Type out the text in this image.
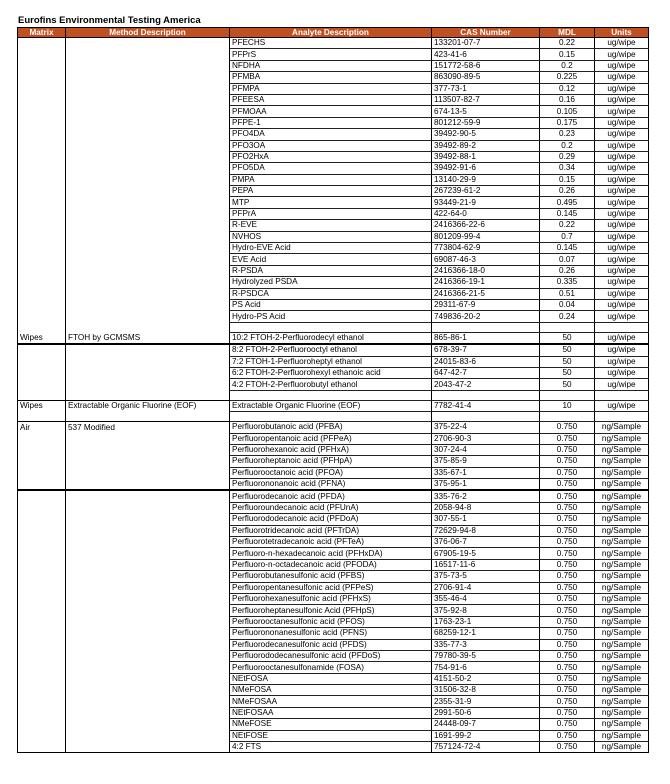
Eurofins Environmental Testing America
Matrix	Method Description	Analyte Description	CAS Number	MDL	Units
		PFECHS	133201-07-7	0.22	ug/wipe
		PFPrS	423-41-6	0.15	ug/wipe
		NFDHA	151772-58-6	0.2	ug/wipe
		PFMBA	863090-89-5	0.225	ug/wipe
		PFMPA	377-73-1	0.12	ug/wipe
		PFEESA	113507-82-7	0.16	ug/wipe
		PFMOAA	674-13-5	0.105	ug/wipe
		PFPE-1	801212-59-9	0.175	ug/wipe
		PFO4DA	39492-90-5	0.23	ug/wipe
		PFO3OA	39492-89-2	0.2	ug/wipe
		PFO2HxA	39492-88-1	0.29	ug/wipe
		PFO5DA	39492-91-6	0.34	ug/wipe
		PMPA	13140-29-9	0.15	ug/wipe
		PEPA	267239-61-2	0.26	ug/wipe
		MTP	93449-21-9	0.495	ug/wipe
		PFPrA	422-64-0	0.145	ug/wipe
		R-EVE	2416366-22-6	0.22	ug/wipe
		NVHOS	801209-99-4	0.7	ug/wipe
		Hydro-EVE Acid	773804-62-9	0.145	ug/wipe
		EVE Acid	69087-46-3	0.07	ug/wipe
		R-PSDA	2416366-18-0	0.26	ug/wipe
		Hydrolyzed PSDA	2416366-19-1	0.335	ug/wipe
		R-PSDCA	2416366-21-5	0.51	ug/wipe
		PS Acid	29311-67-9	0.04	ug/wipe
		Hydro-PS Acid	749836-20-2	0.24	ug/wipe

Wipes	FTOH by GCMSMS	10:2 FTOH-2-Perfluorodecyl ethanol	865-86-1	50	ug/wipe
		8:2 FTOH-2-Perfluorooctyl ethanol	678-39-7	50	ug/wipe
		7:2 FTOH-1-Perfluoroheptyl ethanol	24015-83-6	50	ug/wipe
		6:2 FTOH-2-Perfluorohexyl ethanoic acid	647-42-7	50	ug/wipe
		4:2 FTOH-2-Perfluorobutyl ethanol	2043-47-2	50	ug/wipe

Wipes	Extractable Organic Fluorine (EOF)	Extractable Organic Fluorine (EOF)	7782-41-4	10	ug/wipe

Air	537 Modified	Perfluorobutanoic acid (PFBA)	375-22-4	0.750	ng/Sample
		Perfluoropentanoic acid (PFPeA)	2706-90-3	0.750	ng/Sample
		Perfluorohexanoic acid (PFHxA)	307-24-4	0.750	ng/Sample
		Perfluoroheptanoic acid (PFHpA)	375-85-9	0.750	ng/Sample
		Perfluorooctanoic acid (PFOA)	335-67-1	0.750	ng/Sample
		Perfluorononanoic acid (PFNA)	375-95-1	0.750	ng/Sample
		Perfluorodecanoic acid (PFDA)	335-76-2	0.750	ng/Sample
		Perfluoroundecanoic acid (PFUnA)	2058-94-8	0.750	ng/Sample
		Perfluorododecanoic acid (PFDoA)	307-55-1	0.750	ng/Sample
		Perfluorotridecanoic acid (PFTrDA)	72629-94-8	0.750	ng/Sample
		Perfluorotetradecanoic acid (PFTeA)	376-06-7	0.750	ng/Sample
		Perfluoro-n-hexadecanoic acid (PFHxDA)	67905-19-5	0.750	ng/Sample
		Perfluoro-n-octadecanoic acid (PFODA)	16517-11-6	0.750	ng/Sample
		Perfluorobutanesulfonic acid (PFBS)	375-73-5	0.750	ng/Sample
		Perfluoropentanesulfonic acid (PFPeS)	2706-91-4	0.750	ng/Sample
		Perfluorohexanesulfonic acid (PFHxS)	355-46-4	0.750	ng/Sample
		Perfluoroheptanesulfonic Acid (PFHpS)	375-92-8	0.750	ng/Sample
		Perfluorooctanesulfonic acid (PFOS)	1763-23-1	0.750	ng/Sample
		Perfluorononanesulfonic acid (PFNS)	68259-12-1	0.750	ng/Sample
		Perfluorodecanesulfonic acid (PFDS)	335-77-3	0.750	ng/Sample
		Perfluorododecanesulfonic acid (PFDoS)	79780-39-5	0.750	ng/Sample
		Perfluorooctanesulfonamide (FOSA)	754-91-6	0.750	ng/Sample
		NEtFOSA	4151-50-2	0.750	ng/Sample
		NMeFOSA	31506-32-8	0.750	ng/Sample
		NMeFOSAA	2355-31-9	0.750	ng/Sample
		NEtFOSAA	2991-50-6	0.750	ng/Sample
		NMeFOSE	24448-09-7	0.750	ng/Sample
		NEtFOSE	1691-99-2	0.750	ng/Sample
		4:2 FTS	757124-72-4	0.750	ng/Sample
